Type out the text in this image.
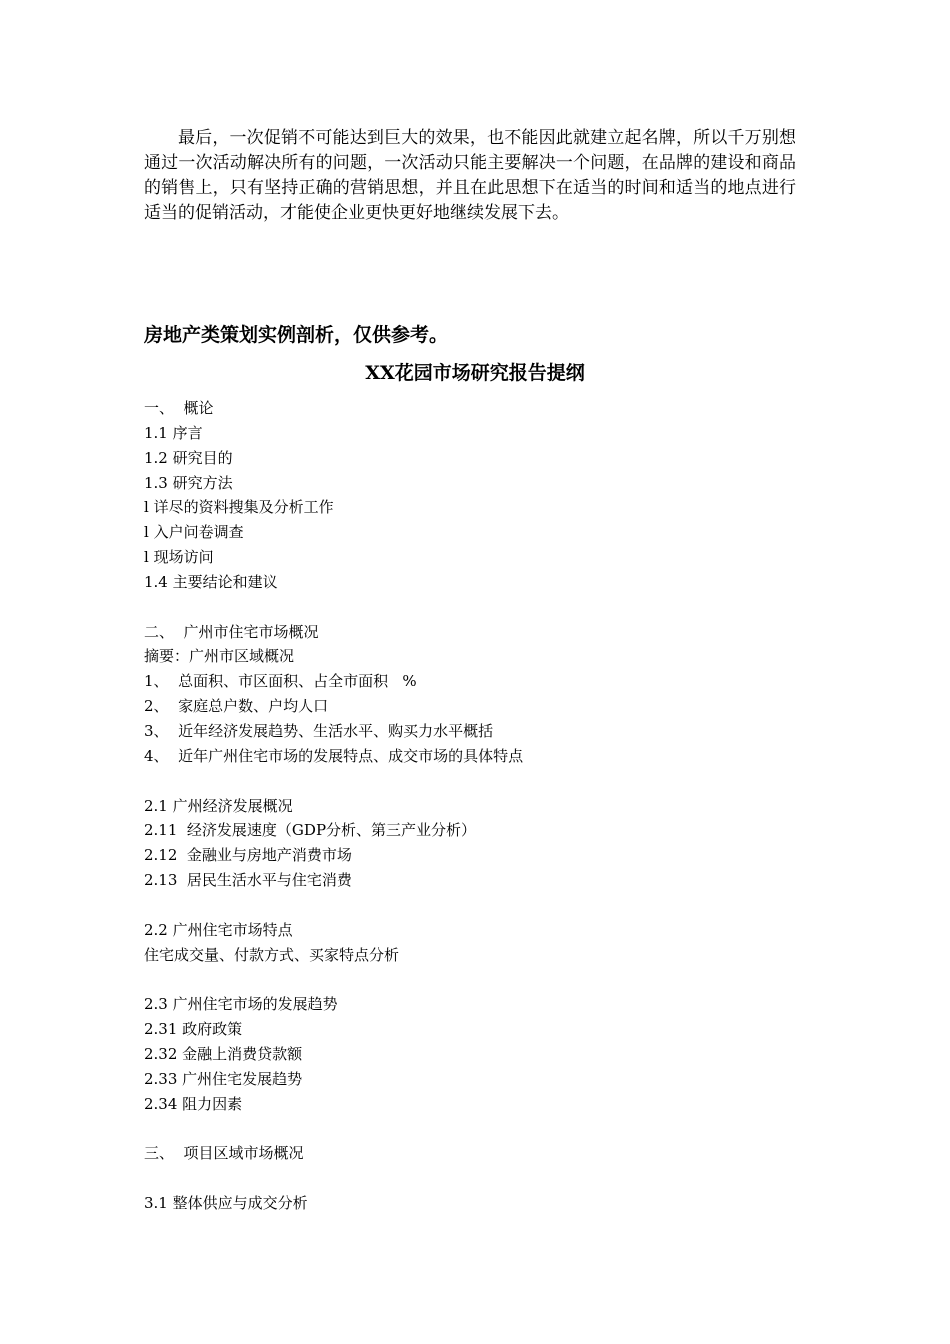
最后，一次促销不可能达到巨大的效果，也不能因此就建立起名牌，所以千万别想通过一次活动解决所有的问题，一次活动只能主要解决一个问题，在品牌的建设和商品的销售上，只有坚持正确的营销思想，并且在此思想下在适当的时间和适当的地点进行适当的促销活动，才能使企业更快更好地继续发展下去。

房地产类策划实例剖析，仅供参考。
XX花园市场研究报告提纲
一、  概论
1.1 序言
1.2 研究目的
1.3 研究方法
l 详尽的资料搜集及分析工作
l 入户问卷调查
l 现场访问
1.4 主要结论和建议
二、  广州市住宅市场概况
摘要：广州市区域概况
1、  总面积、市区面积、占全市面积   %
2、  家庭总户数、户均人口
3、  近年经济发展趋势、生活水平、购买力水平概括
4、  近年广州住宅市场的发展特点、成交市场的具体特点
2.1 广州经济发展概况
2.11  经济发展速度（GDP分析、第三产业分析）
2.12  金融业与房地产消费市场
2.13  居民生活水平与住宅消费
2.2 广州住宅市场特点
住宅成交量、付款方式、买家特点分析
2.3 广州住宅市场的发展趋势
2.31 政府政策
2.32 金融上消费贷款额
2.33 广州住宅发展趋势
2.34 阻力因素
三、  项目区域市场概况
3.1 整体供应与成交分析
